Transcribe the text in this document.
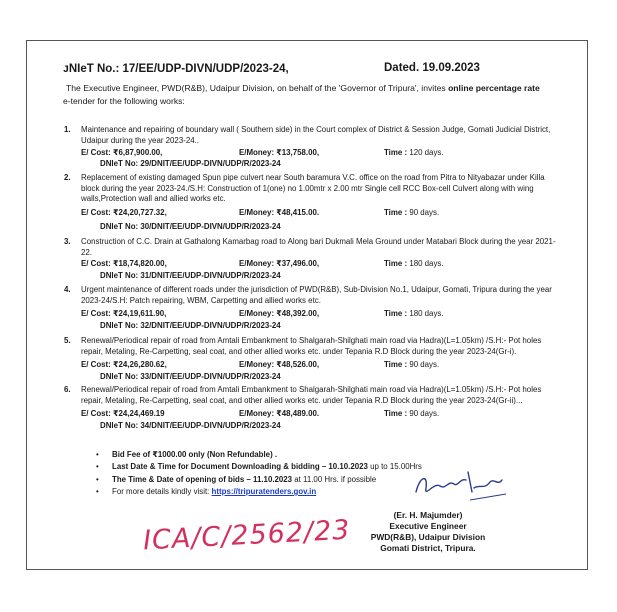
ᴊNIeT No.: 17/EE/UDP-DIVN/UDP/2023-24,	Dated. 19.09.2023
The Executive Engineer, PWD(R&B), Udaipur Division, on behalf of the 'Governor of Tripura', invites online percentage rate
e-tender for the following works:
1. Maintenance and repairing of boundary wall ( Southern side) in the Court complex of District & Session Judge, Gomati Judicial District, Udaipur during the year 2023-24..
E/ Cost: ₹6,87,900.00,	E/Money: ₹13,758.00,	Time : 120 days.
DNIeT No: 29/DNIT/EE/UDP-DIVN/UDP/R/2023-24
2. Replacement of existing damaged Spun pipe culvert near South baramura V.C. office on the road from Pitra to Nityabazar under Killa block during the year 2023-24./S.H: Construction of 1(one) no 1.00mtr x 2.00 mtr Single cell RCC Box-cell Culvert along with wing walls,Protection wall and allied works etc.
E/ Cost: ₹24,20,727.32,	E/Money: ₹48,415.00.	Time : 90 days.
DNIeT No: 30/DNIT/EE/UDP-DIVN/UDP/R/2023-24
3. Construction of C.C. Drain at Gathalong Kamarbag road to Along bari Dukmali Mela Ground under Matabari Block during the year 2021-22.
E/ Cost: ₹18,74,820.00,	E/Money: ₹37,496.00,	Time : 180 days.
DNIeT No: 31/DNIT/EE/UDP-DIVN/UDP/R/2023-24
4. Urgent maintenance of different roads under the jurisdiction of PWD(R&B), Sub-Division No.1, Udaipur, Gomati, Tripura during the year 2023-24/S.H: Patch repairing, WBM, Carpetting and allied works etc.
E/ Cost: ₹24,19,611.90,	E/Money: ₹48,392.00,	Time : 180 days.
DNIeT No: 32/DNIT/EE/UDP-DIVN/UDP/R/2023-24
5. Renewal/Periodical repair of road from Amtali Embankment to Shalgarah-Shilghati main road via Hadra)(L=1.05km) /S.H:- Pot holes repair, Metaling, Re-Carpetting, seal coat, and other allied works etc. under Tepania R.D Block during the year 2023-24(Gr-i).
E/ Cost: ₹24,26,280.62,	E/Money: ₹48,526.00,	Time : 90 days.
DNIeT No: 33/DNIT/EE/UDP-DIVN/UDP/R/2023-24
6. Renewal/Periodical repair of road from Amtali Embankment to Shalgarah-Shilghati main road via Hadra)(L=1.05km) /S.H:- Pot holes repair, Metaling, Re-Carpetting, seal coat, and other allied works etc. under Tepania R.D Block during the year 2023-24(Gr-ii)...
E/ Cost: ₹24,24,469.19	E/Money: ₹48,489.00.	Time : 90 days.
DNIeT No: 34/DNIT/EE/UDP-DIVN/UDP/R/2023-24
• Bid Fee of ₹1000.00 only (Non Refundable) .
• Last Date & Time for Document Downloading & bidding – 10.10.2023 up to 15.00Hrs
• The Time & Date of opening of bids – 11.10.2023 at 11.00 Hrs. if possible
• For more details kindly visit: https://tripuratenders.gov.in
(Er. H. Majumder)
Executive Engineer
PWD(R&B), Udaipur Division
Gomati District, Tripura.
ICA/C/2562/23
